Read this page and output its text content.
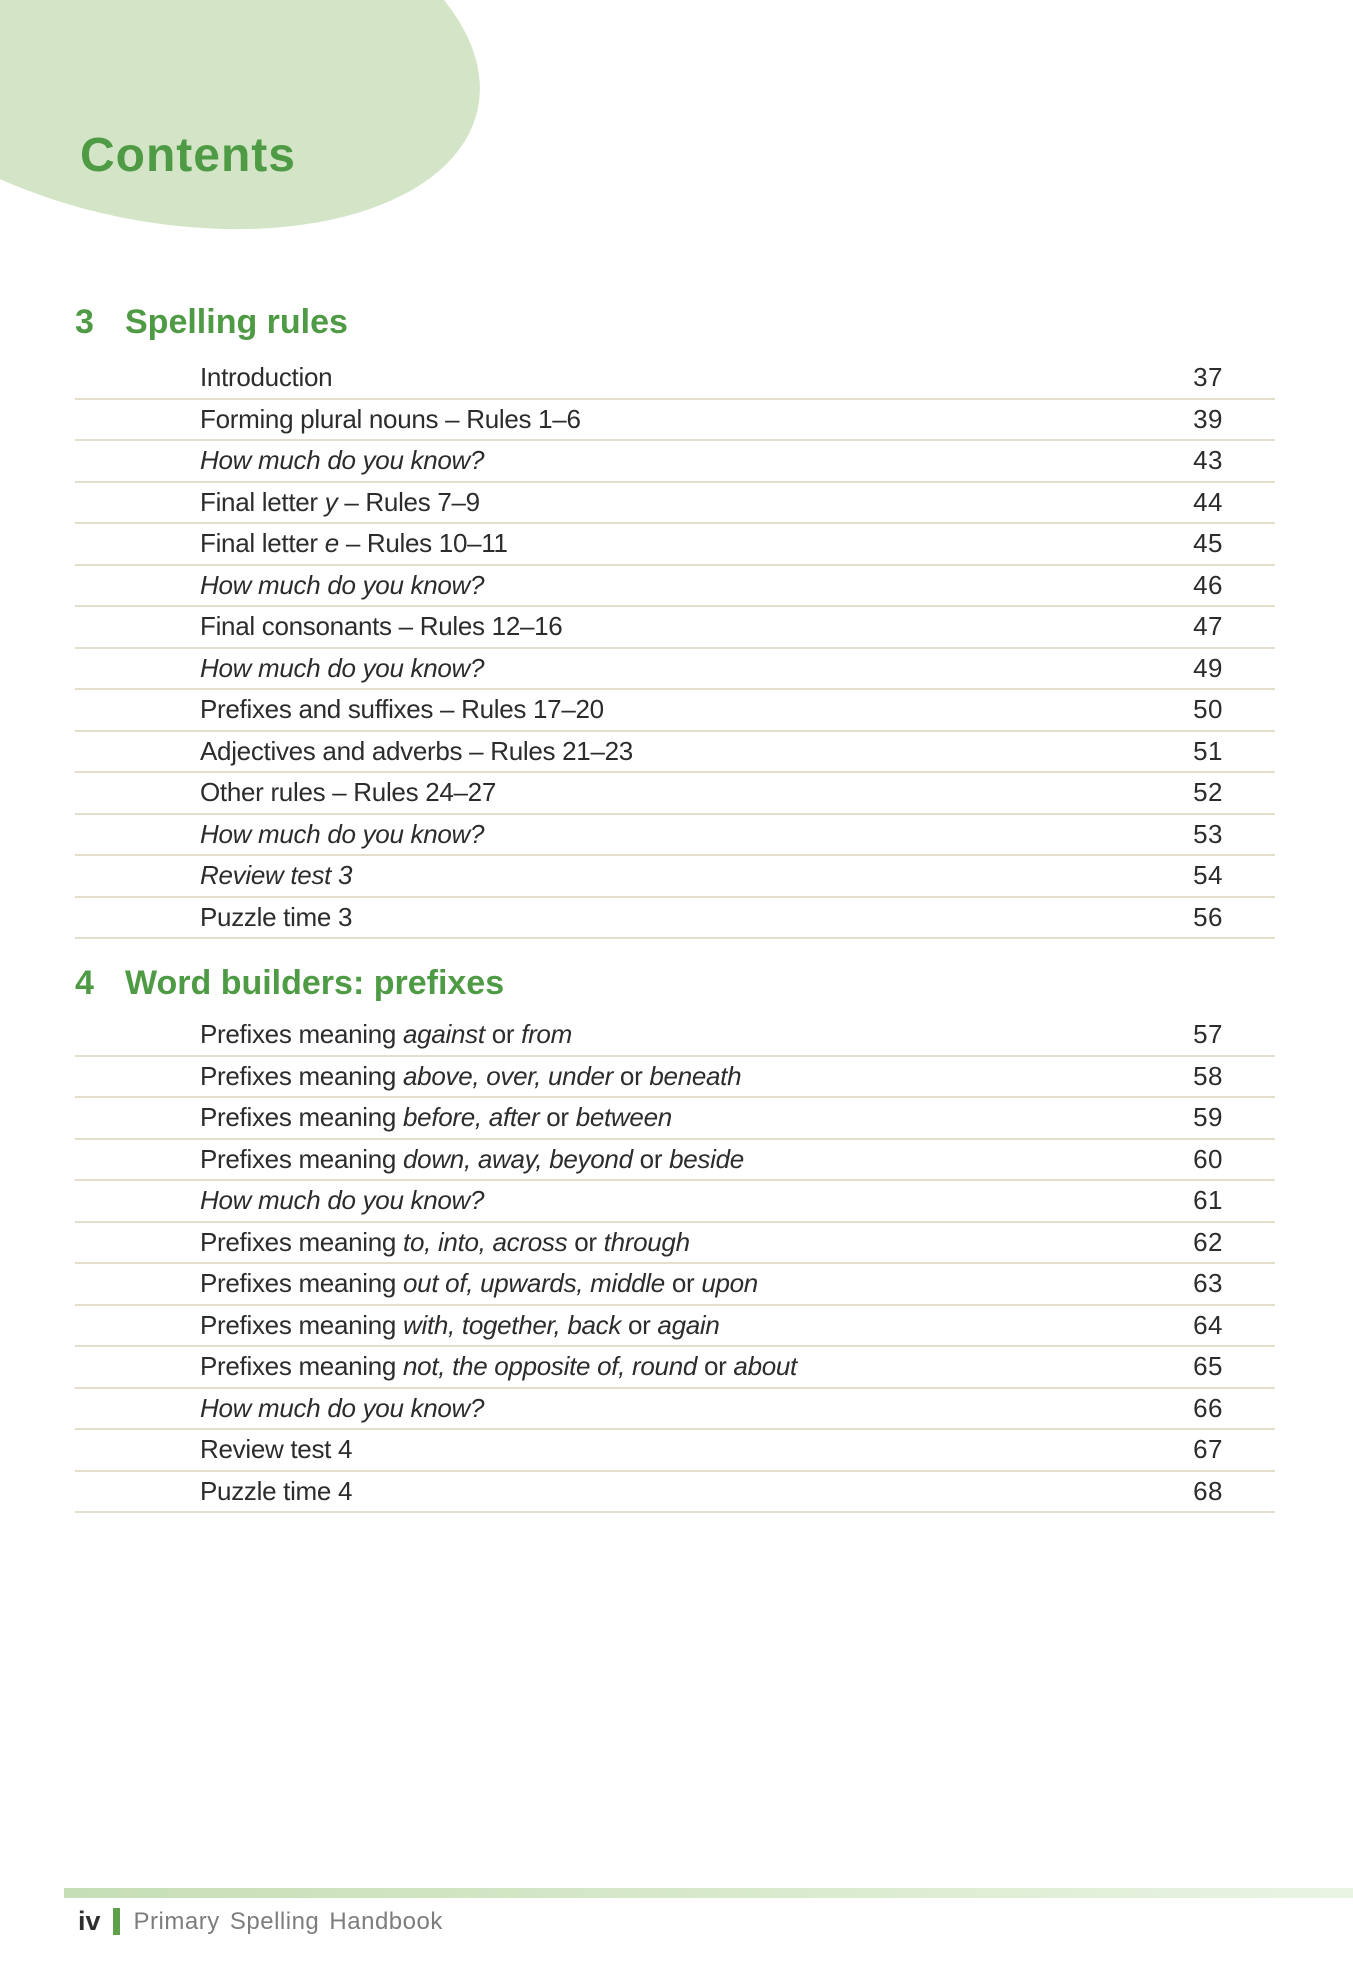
Contents
3 Spelling rules
Introduction	37
Forming plural nouns – Rules 1–6	39
How much do you know?	43
Final letter y – Rules 7–9	44
Final letter e – Rules 10–11	45
How much do you know?	46
Final consonants – Rules 12–16	47
How much do you know?	49
Prefixes and suffixes – Rules 17–20	50
Adjectives and adverbs – Rules 21–23	51
Other rules – Rules 24–27	52
How much do you know?	53
Review test 3	54
Puzzle time 3	56
4 Word builders: prefixes
Prefixes meaning against or from	57
Prefixes meaning above, over, under or beneath	58
Prefixes meaning before, after or between	59
Prefixes meaning down, away, beyond or beside	60
How much do you know?	61
Prefixes meaning to, into, across or through	62
Prefixes meaning out of, upwards, middle or upon	63
Prefixes meaning with, together, back or again	64
Prefixes meaning not, the opposite of, round or about	65
How much do you know?	66
Review test 4	67
Puzzle time 4	68
iv Primary Spelling Handbook
